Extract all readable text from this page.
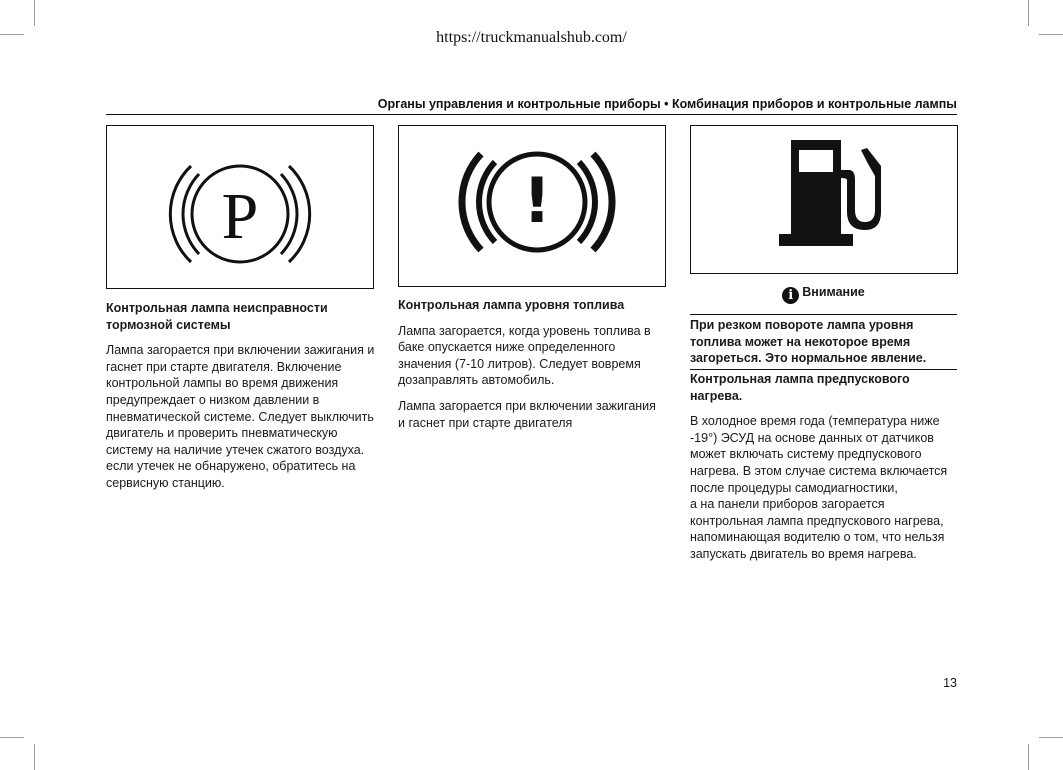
https://truckmanualshub.com/
Органы управления и контрольные приборы • Комбинация приборов и контрольные лампы
P	!

Контрольная лампа неисправности тормозной системы

Лампа загорается при включении зажигания и гаснет при старте двигателя. Включение контрольной лампы во время движения предупреждает о низком давлении в пневматической системе. Следует выключить двигатель и проверить пневматическую систему на наличие утечек сжатого воздуха. если утечек не обнаружено, обратитесь на сервисную станцию.

Контрольная лампа уровня топлива

Лампа загорается, когда уровень топлива в баке опускается ниже определенного значения (7-10 литров). Следует вовремя дозаправлять автомобиль.

Лампа загорается при включении зажигания и гаснет при старте двигателя

i Внимание
При резком повороте лампа уровня топлива может на некоторое время загореться. Это нормальное явление.

Контрольная лампа предпускового нагрева.

В холодное время года (температура ниже
-19°) ЭСУД на основе данных от датчиков
может включать систему предпускового
нагрева. В этом случае система включается
после процедуры самодиагностики,
а на панели приборов загорается
контрольная лампа предпускового нагрева,
напоминающая водителю о том, что нельзя
запускать двигатель во время нагрева.
13
